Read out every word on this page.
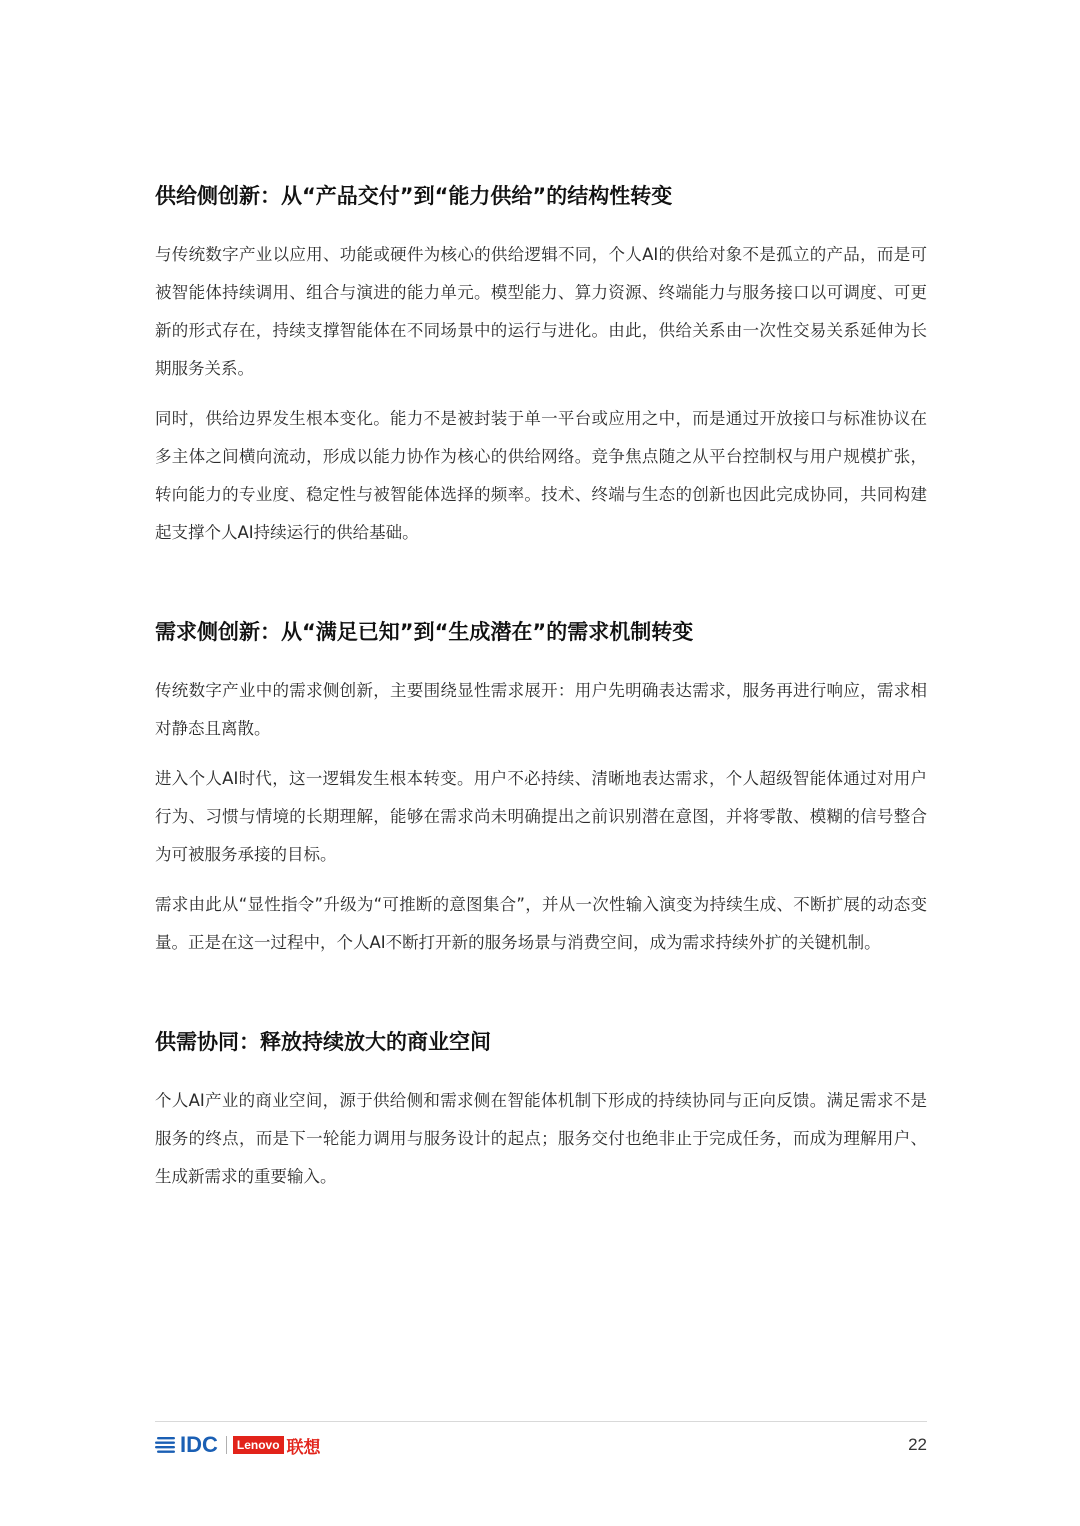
供给侧创新：从“产品交付”到“能力供给”的结构性转变

与传统数字产业以应用、功能或硬件为核心的供给逻辑不同，个人AI的供给对象不是孤立的产品，而是可被智能体持续调用、组合与演进的能力单元。模型能力、算力资源、终端能力与服务接口以可调度、可更新的形式存在，持续支撑智能体在不同场景中的运行与进化。由此，供给关系由一次性交易关系延伸为长期服务关系。

同时，供给边界发生根本变化。能力不是被封装于单一平台或应用之中，而是通过开放接口与标准协议在多主体之间横向流动，形成以能力协作为核心的供给网络。竞争焦点随之从平台控制权与用户规模扩张，转向能力的专业度、稳定性与被智能体选择的频率。技术、终端与生态的创新也因此完成协同，共同构建起支撑个人AI持续运行的供给基础。

需求侧创新：从“满足已知”到“生成潜在”的需求机制转变

传统数字产业中的需求侧创新，主要围绕显性需求展开：用户先明确表达需求，服务再进行响应，需求相对静态且离散。

进入个人AI时代，这一逻辑发生根本转变。用户不必持续、清晰地表达需求，个人超级智能体通过对用户行为、习惯与情境的长期理解，能够在需求尚未明确提出之前识别潜在意图，并将零散、模糊的信号整合为可被服务承接的目标。

需求由此从“显性指令”升级为“可推断的意图集合”，并从一次性输入演变为持续生成、不断扩展的动态变量。正是在这一过程中，个人AI不断打开新的服务场景与消费空间，成为需求持续外扩的关键机制。

供需协同：释放持续放大的商业空间

个人AI产业的商业空间，源于供给侧和需求侧在智能体机制下形成的持续协同与正向反馈。满足需求不是服务的终点，而是下一轮能力调用与服务设计的起点；服务交付也绝非止于完成任务，而成为理解用户、生成新需求的重要输入。

IDC	Lenovo 联想	22
